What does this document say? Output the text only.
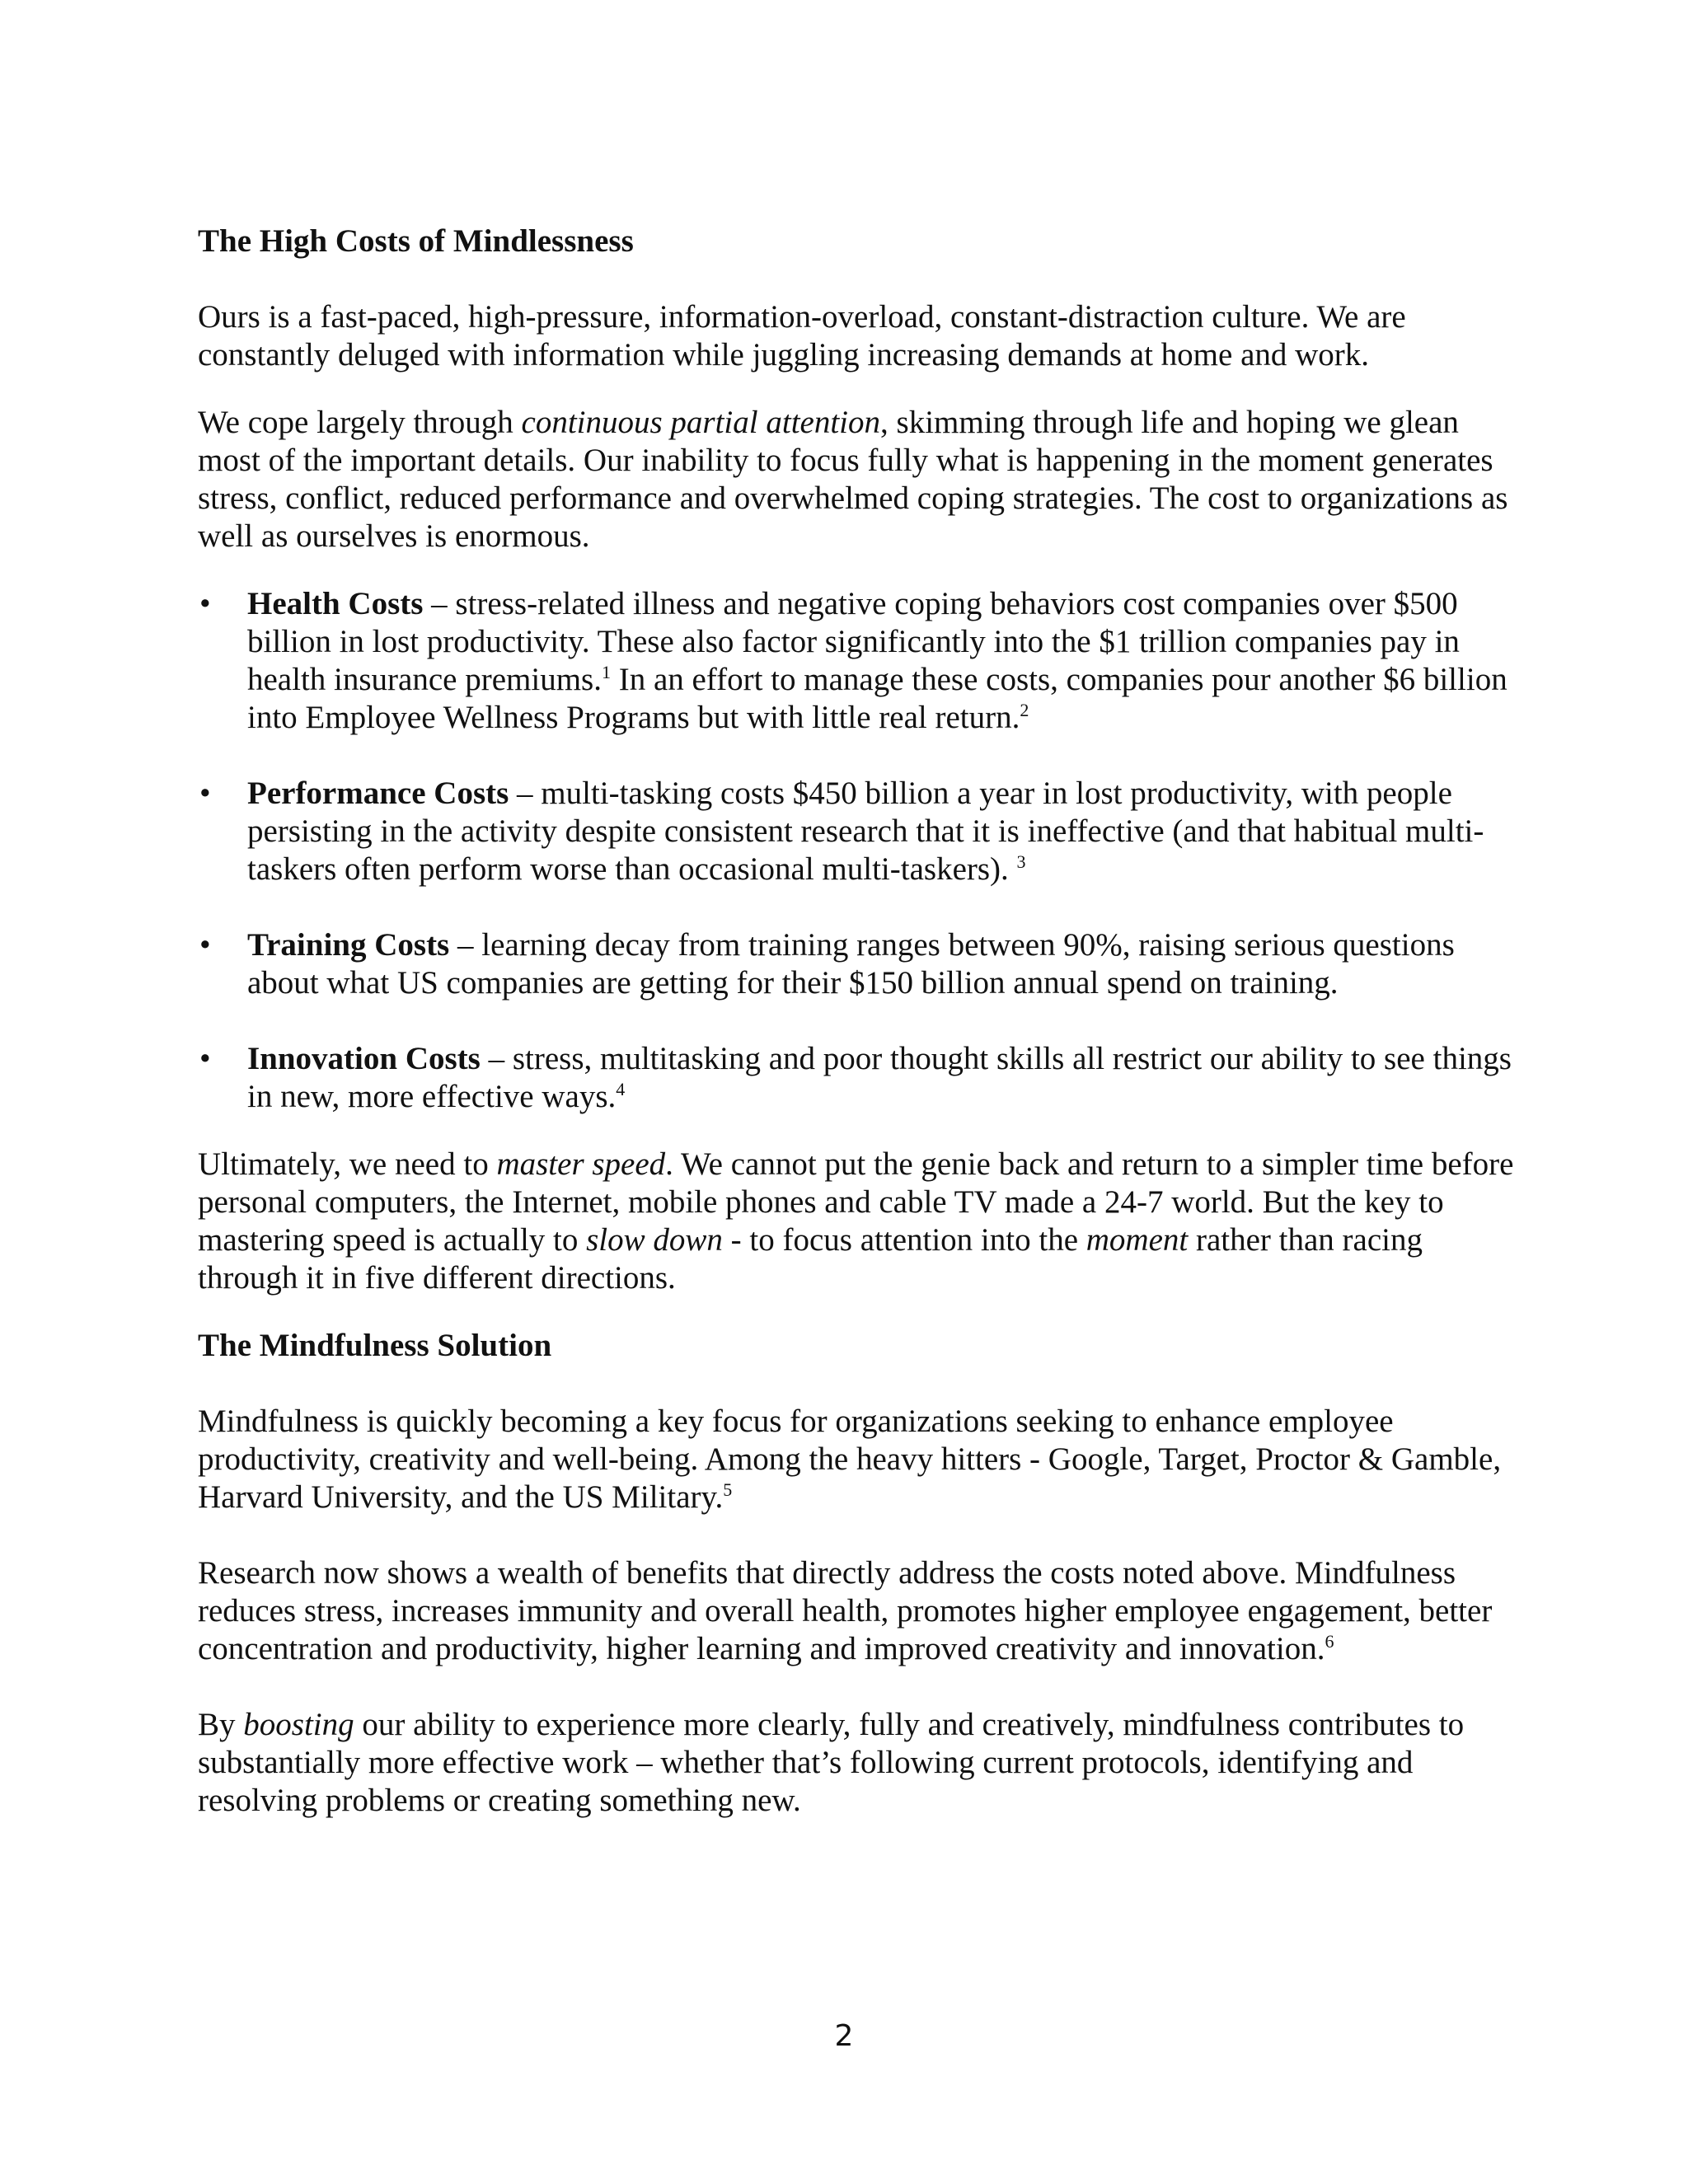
The High Costs of Mindlessness

Ours is a fast-paced, high-pressure, information-overload, constant-distraction culture. We are constantly deluged with information while juggling increasing demands at home and work.

We cope largely through continuous partial attention, skimming through life and hoping we glean most of the important details. Our inability to focus fully what is happening in the moment generates stress, conflict, reduced performance and overwhelmed coping strategies. The cost to organizations as well as ourselves is enormous.

• Health Costs – stress-related illness and negative coping behaviors cost companies over $500 billion in lost productivity. These also factor significantly into the $1 trillion companies pay in health insurance premiums.$^1$ In an effort to manage these costs, companies pour another $6 billion into Employee Wellness Programs but with little real return.$^2$
• Performance Costs – multi-tasking costs $450 billion a year in lost productivity, with people persisting in the activity despite consistent research that it is ineffective (and that habitual multi-taskers often perform worse than occasional multi-taskers). $^3$
• Training Costs – learning decay from training ranges between 90%, raising serious questions about what US companies are getting for their $150 billion annual spend on training.
• Innovation Costs – stress, multitasking and poor thought skills all restrict our ability to see things in new, more effective ways.$^4$

Ultimately, we need to master speed. We cannot put the genie back and return to a simpler time before personal computers, the Internet, mobile phones and cable TV made a 24-7 world. But the key to mastering speed is actually to slow down - to focus attention into the moment rather than racing through it in five different directions.

The Mindfulness Solution

Mindfulness is quickly becoming a key focus for organizations seeking to enhance employee productivity, creativity and well-being. Among the heavy hitters - Google, Target, Proctor & Gamble, Harvard University, and the US Military.$^5$

Research now shows a wealth of benefits that directly address the costs noted above. Mindfulness reduces stress, increases immunity and overall health, promotes higher employee engagement, better concentration and productivity, higher learning and improved creativity and innovation.$^6$

By boosting our ability to experience more clearly, fully and creatively, mindfulness contributes to substantially more effective work – whether that’s following current protocols, identifying and resolving problems or creating something new.

2
